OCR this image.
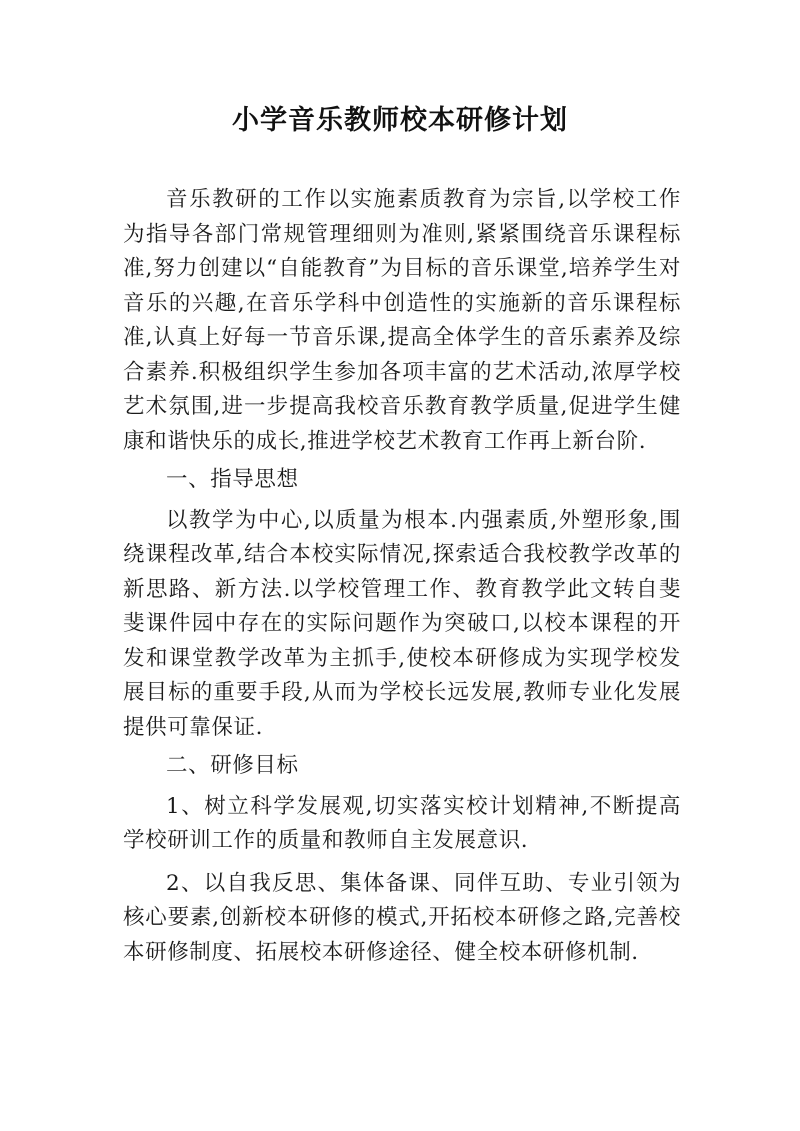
小学音乐教师校本研修计划

音乐教研的工作以实施素质教育为宗旨,以学校工作为指导各部门常规管理细则为准则,紧紧围绕音乐课程标准,努力创建以“自能教育”为目标的音乐课堂,培养学生对音乐的兴趣,在音乐学科中创造性的实施新的音乐课程标准,认真上好每一节音乐课,提高全体学生的音乐素养及综合素养.积极组织学生参加各项丰富的艺术活动,浓厚学校艺术氛围,进一步提高我校音乐教育教学质量,促进学生健康和谐快乐的成长,推进学校艺术教育工作再上新台阶.

一、指导思想

以教学为中心,以质量为根本.内强素质,外塑形象,围绕课程改革,结合本校实际情况,探索适合我校教学改革的新思路、新方法.以学校管理工作、教育教学此文转自斐斐课件园中存在的实际问题作为突破口,以校本课程的开发和课堂教学改革为主抓手,使校本研修成为实现学校发展目标的重要手段,从而为学校长远发展,教师专业化发展提供可靠保证.

二、研修目标

1、树立科学发展观,切实落实校计划精神,不断提高学校研训工作的质量和教师自主发展意识.

2、以自我反思、集体备课、同伴互助、专业引领为核心要素,创新校本研修的模式,开拓校本研修之路,完善校本研修制度、拓展校本研修途径、健全校本研修机制.
